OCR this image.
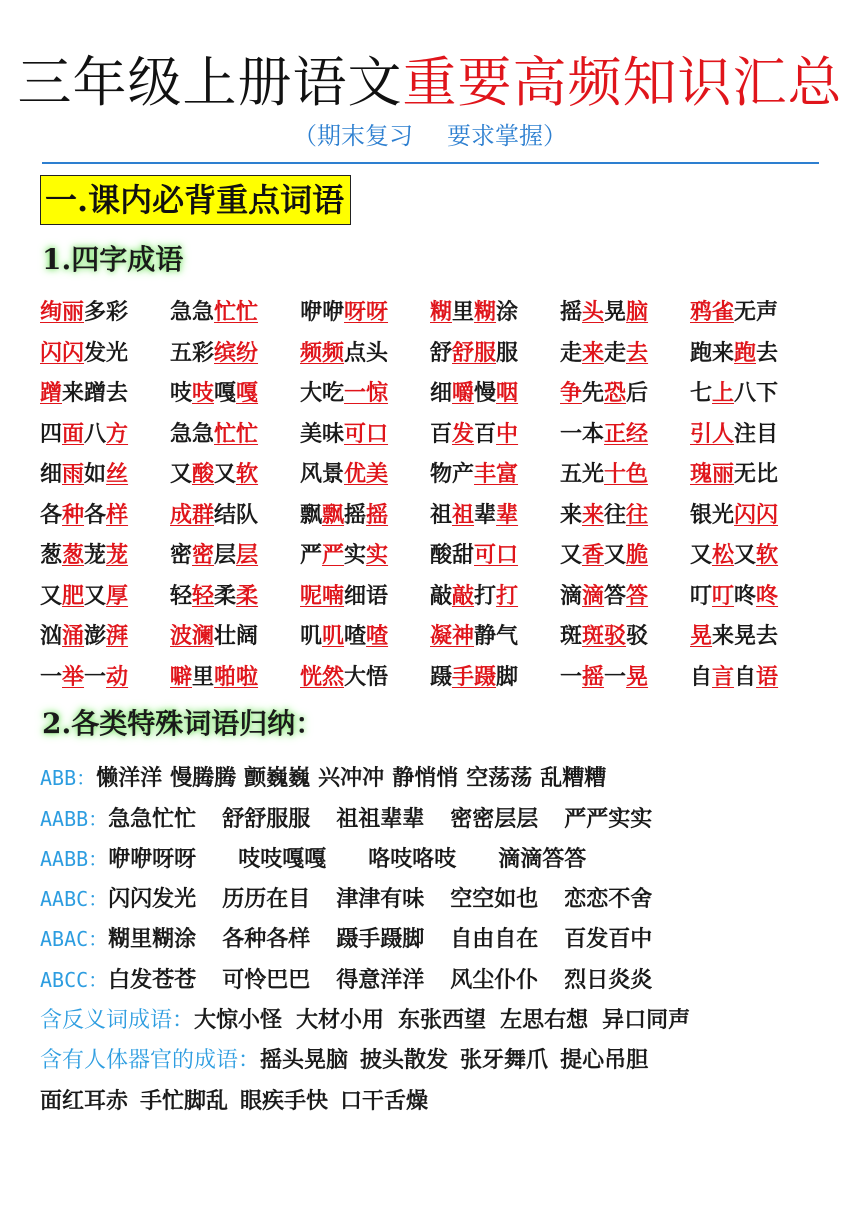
三年级上册语文重要高频知识汇总
（期末复习 要求掌握）
一.课内必背重点词语
1.四字成语
绚丽多彩	急急忙忙	咿咿呀呀	糊里糊涂	摇头晃脑	鸦雀无声
闪闪发光	五彩缤纷	频频点头	舒舒服服	走来走去	跑来跑去
蹭来蹭去	吱吱嘎嘎	大吃一惊	细嚼慢咽	争先恐后	七上八下
四面八方	急急忙忙	美味可口	百发百中	一本正经	引人注目
细雨如丝	又酸又软	风景优美	物产丰富	五光十色	瑰丽无比
各种各样	成群结队	飘飘摇摇	祖祖辈辈	来来往往	银光闪闪
葱葱茏茏	密密层层	严严实实	酸甜可口	又香又脆	又松又软
又肥又厚	轻轻柔柔	呢喃细语	敲敲打打	滴滴答答	叮叮咚咚
汹涌澎湃	波澜壮阔	叽叽喳喳	凝神静气	斑斑驳驳	晃来晃去
一举一动	噼里啪啦	恍然大悟	蹑手蹑脚	一摇一晃	自言自语
2.各类特殊词语归纳：
ABB：懒洋洋 慢腾腾 颤巍巍 兴冲冲 静悄悄 空荡荡 乱糟糟
AABB：急急忙忙 舒舒服服 祖祖辈辈 密密层层 严严实实
AABB：咿咿呀呀 吱吱嘎嘎 咯吱咯吱 滴滴答答
AABC：闪闪发光 历历在目 津津有味 空空如也 恋恋不舍
ABAC：糊里糊涂 各种各样 蹑手蹑脚 自由自在 百发百中
ABCC：白发苍苍 可怜巴巴 得意洋洋 风尘仆仆 烈日炎炎
含反义词成语：大惊小怪 大材小用 东张西望 左思右想 异口同声
含有人体器官的成语：摇头晃脑 披头散发 张牙舞爪 提心吊胆
面红耳赤 手忙脚乱 眼疾手快 口干舌燥
